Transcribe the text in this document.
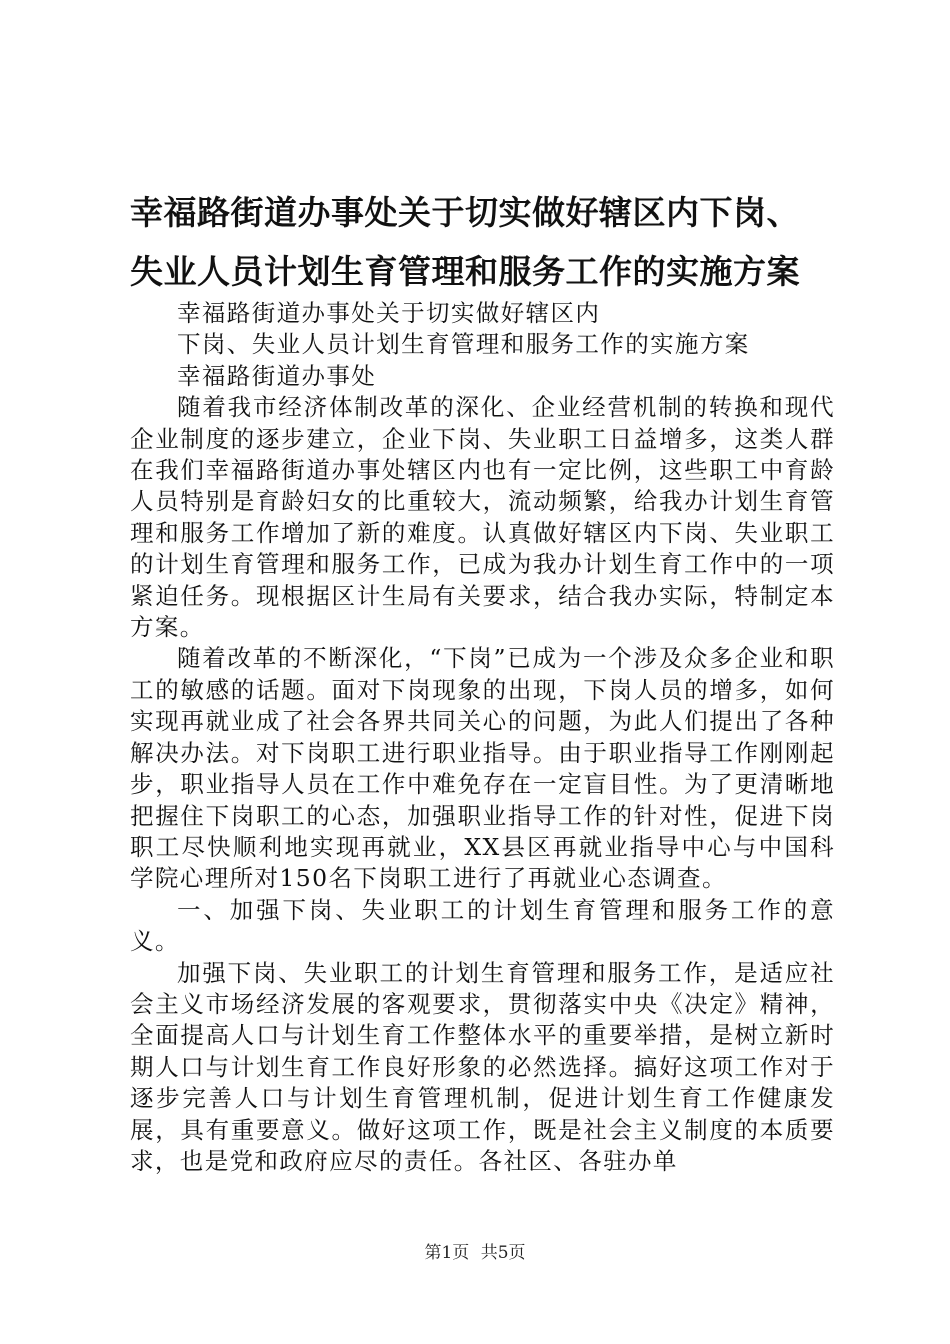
幸福路街道办事处关于切实做好辖区内下岗、
失业人员计划生育管理和服务工作的实施方案

幸福路街道办事处关于切实做好辖区内

下岗、失业人员计划生育管理和服务工作的实施方案

幸福路街道办事处

随着我市经济体制改革的深化、企业经营机制的转换和现代企业制度的逐步建立，企业下岗、失业职工日益增多，这类人群在我们幸福路街道办事处辖区内也有一定比例，这些职工中育龄人员特别是育龄妇女的比重较大，流动频繁，给我办计划生育管理和服务工作增加了新的难度。认真做好辖区内下岗、失业职工的计划生育管理和服务工作，已成为我办计划生育工作中的一项紧迫任务。现根据区计生局有关要求，结合我办实际，特制定本方案。

随着改革的不断深化，“下岗”已成为一个涉及众多企业和职工的敏感的话题。面对下岗现象的出现，下岗人员的增多，如何实现再就业成了社会各界共同关心的问题，为此人们提出了各种解决办法。对下岗职工进行职业指导。由于职业指导工作刚刚起步，职业指导人员在工作中难免存在一定盲目性。为了更清晰地把握住下岗职工的心态，加强职业指导工作的针对性，促进下岗职工尽快顺利地实现再就业，XX县区再就业指导中心与中国科学院心理所对150名下岗职工进行了再就业心态调查。

一、加强下岗、失业职工的计划生育管理和服务工作的意义。

加强下岗、失业职工的计划生育管理和服务工作，是适应社会主义市场经济发展的客观要求，贯彻落实中央《决定》精神，全面提高人口与计划生育工作整体水平的重要举措，是树立新时期人口与计划生育工作良好形象的必然选择。搞好这项工作对于逐步完善人口与计划生育管理机制，促进计划生育工作健康发展，具有重要意义。做好这项工作，既是社会主义制度的本质要求，也是党和政府应尽的责任。各社区、各驻办单

第1页 共5页
